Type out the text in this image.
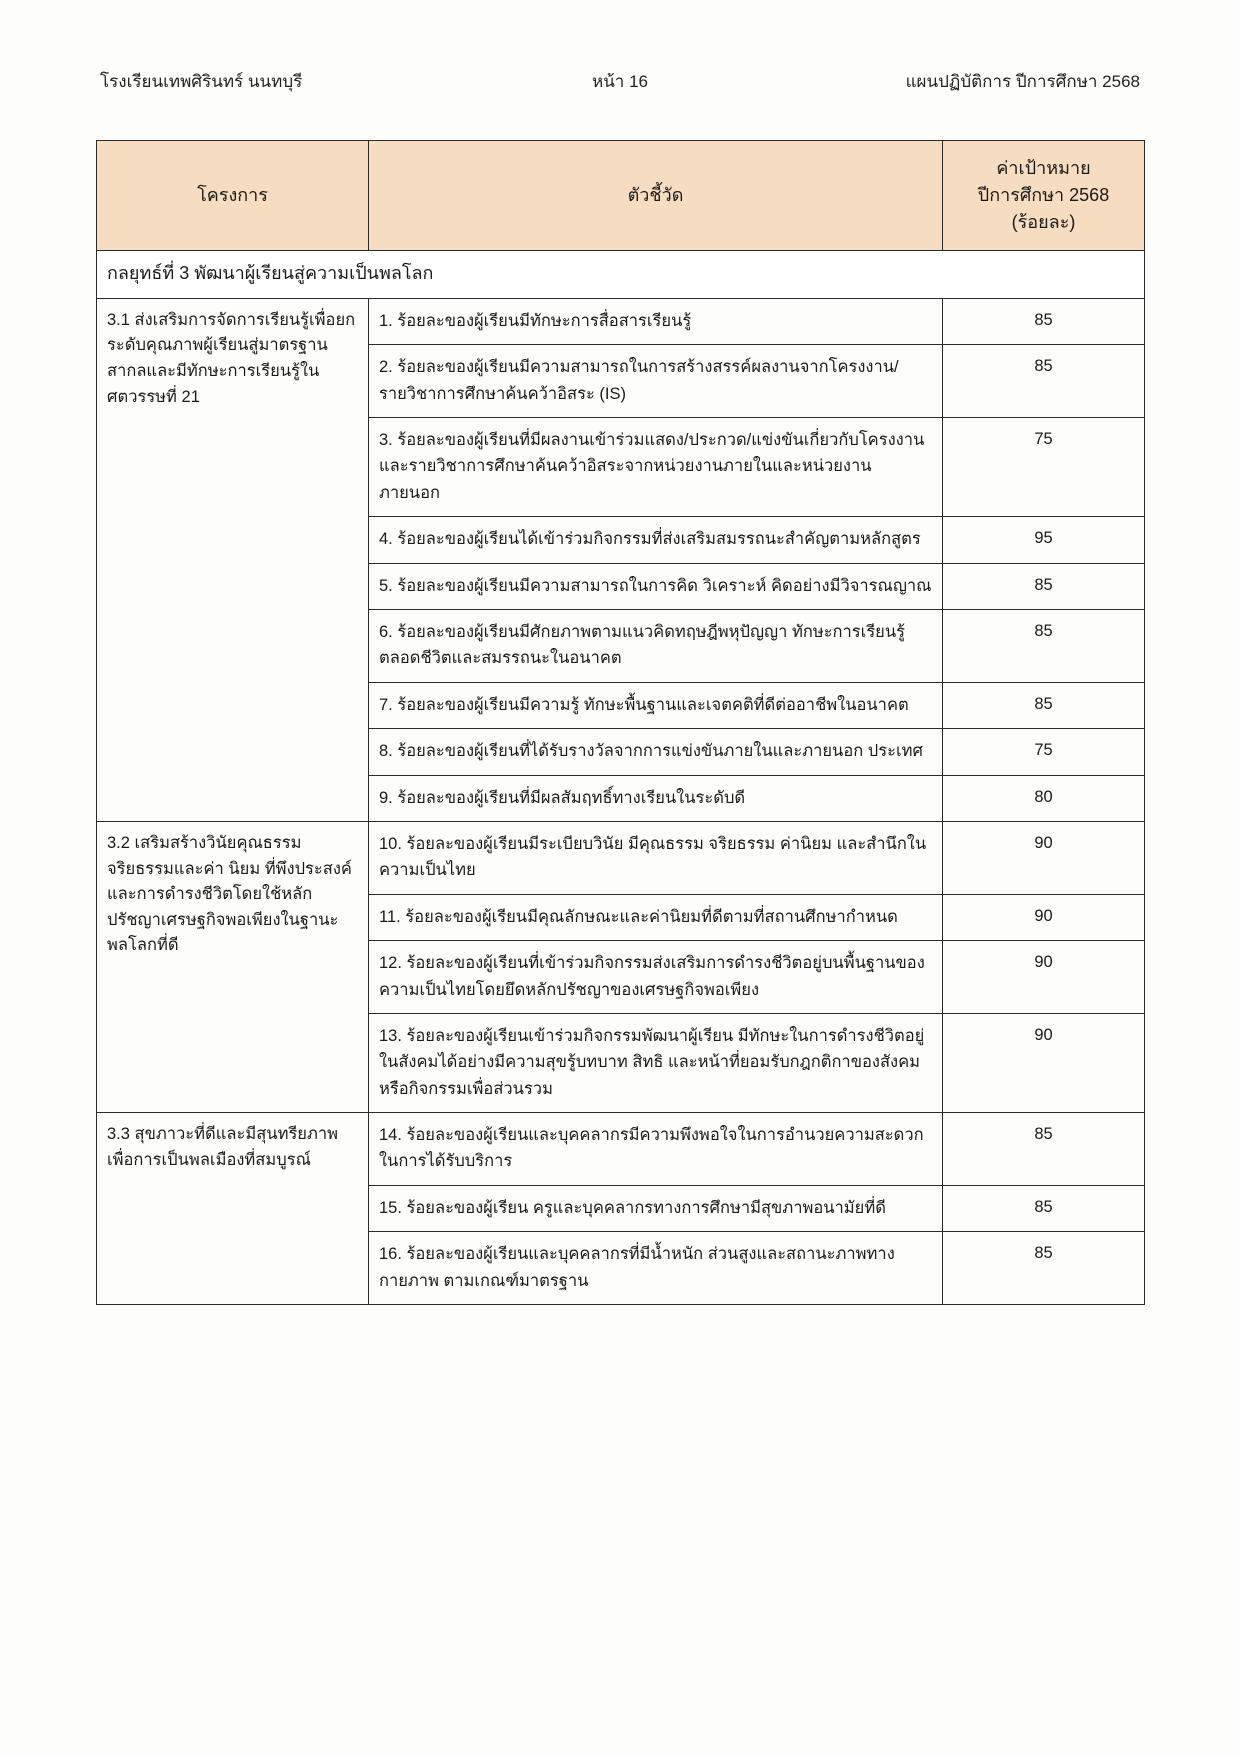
โรงเรียนเทพศิรินทร์ นนทบุรี	หน้า 16	แผนปฏิบัติการ ปีการศึกษา 2568
โครงการ	ตัวชี้วัด	ค่าเป้าหมาย
ปีการศึกษา 2568
(ร้อยละ)

กลยุทธ์ที่ 3 พัฒนาผู้เรียนสู่ความเป็นพลโลก		
3.1 ส่งเสริมการจัดการเรียนรู้เพื่อยกระดับคุณภาพผู้เรียนสู่มาตรฐานสากลและมีทักษะการเรียนรู้ในศตวรรษที่ 21	1. ร้อยละของผู้เรียนมีทักษะการสื่อสารเรียนรู้	85
	2. ร้อยละของผู้เรียนมีความสามารถในการสร้างสรรค์ผลงานจากโครงงาน/รายวิชาการศึกษาค้นคว้าอิสระ (IS)	85
	3. ร้อยละของผู้เรียนที่มีผลงานเข้าร่วมแสดง/ประกวด/แข่งขันเกี่ยวกับโครงงานและรายวิชาการศึกษาค้นคว้าอิสระจากหน่วยงานภายในและหน่วยงานภายนอก	75
	4. ร้อยละของผู้เรียนได้เข้าร่วมกิจกรรมที่ส่งเสริมสมรรถนะสำคัญตามหลักสูตร	95
	5. ร้อยละของผู้เรียนมีความสามารถในการคิด วิเคราะห์ คิดอย่างมีวิจารณญาณ	85
	6. ร้อยละของผู้เรียนมีศักยภาพตามแนวคิดทฤษฎีพหุปัญญา ทักษะการเรียนรู้ตลอดชีวิตและสมรรถนะในอนาคต	85
	7. ร้อยละของผู้เรียนมีความรู้ ทักษะพื้นฐานและเจตคติที่ดีต่ออาชีพในอนาคต	85
	8. ร้อยละของผู้เรียนที่ได้รับรางวัลจากการแข่งขันภายในและภายนอก ประเทศ	75
	9. ร้อยละของผู้เรียนที่มีผลสัมฤทธิ์ทางเรียนในระดับดี	80
3.2 เสริมสร้างวินัยคุณธรรม จริยธรรมและค่า นิยม ที่พึงประสงค์และการดำรงชีวิตโดยใช้หลัก ปรัชญาเศรษฐกิจพอเพียงในฐานะพลโลกที่ดี	10. ร้อยละของผู้เรียนมีระเบียบวินัย มีคุณธรรม จริยธรรม ค่านิยม และสำนึกในความเป็นไทย	90
	11. ร้อยละของผู้เรียนมีคุณลักษณะและค่านิยมที่ดีตามที่สถานศึกษากำหนด	90
	12. ร้อยละของผู้เรียนที่เข้าร่วมกิจกรรมส่งเสริมการดำรงชีวิตอยู่บนพื้นฐานของความเป็นไทยโดยยึดหลักปรัชญาของเศรษฐกิจพอเพียง	90
	13. ร้อยละของผู้เรียนเข้าร่วมกิจกรรมพัฒนาผู้เรียน มีทักษะในการดำรงชีวิตอยู่ในสังคมได้อย่างมีความสุขรู้บทบาท สิทธิ และหน้าที่ยอมรับกฎกติกาของสังคมหรือกิจกรรมเพื่อส่วนรวม	90
3.3 สุขภาวะที่ดีและมีสุนทรียภาพเพื่อการเป็นพลเมืองที่สมบูรณ์	14. ร้อยละของผู้เรียนและบุคคลากรมีความพึงพอใจในการอำนวยความสะดวกในการได้รับบริการ	85
	15. ร้อยละของผู้เรียน ครูและบุคคลากรทางการศึกษามีสุขภาพอนามัยที่ดี	85
	16. ร้อยละของผู้เรียนและบุคคลากรที่มีน้ำหนัก ส่วนสูงและสถานะภาพทางกายภาพ ตามเกณฑ์มาตรฐาน	85
